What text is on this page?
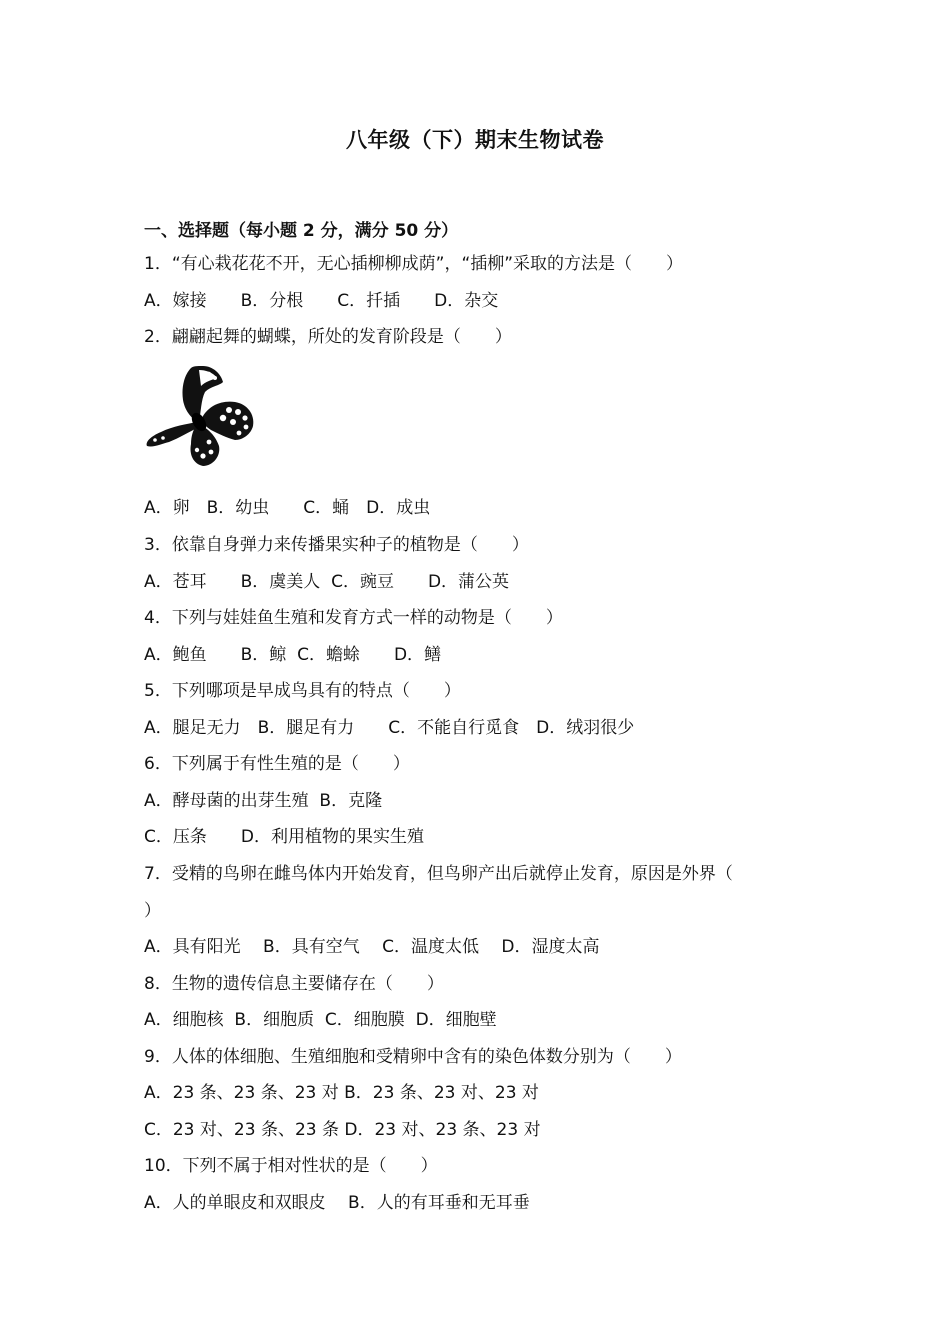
八年级（下）期末生物试卷
一、选择题（每小题 2 分，满分 50 分）
1．“有心栽花花不开，无心插柳柳成荫”，“插柳”采取的方法是（　　）
A．嫁接　　B．分根　　C．扦插　　D．杂交
2．翩翩起舞的蝴蝶，所处的发育阶段是（　　）
A．卵　B．幼虫　　C．蛹　D．成虫
3．依靠自身弹力来传播果实种子的植物是（　　）
A．苍耳　　B．虞美人  C．豌豆　　D．蒲公英
4．下列与娃娃鱼生殖和发育方式一样的动物是（　　）
A．鲍鱼　　B．鲸  C．蟾蜍　　D．鳝
5．下列哪项是早成鸟具有的特点（　　）
A．腿足无力　B．腿足有力　　C．不能自行觅食　D．绒羽很少
6．下列属于有性生殖的是（　　）
A．酵母菌的出芽生殖  B．克隆
C．压条　　D．利用植物的果实生殖
7．受精的鸟卵在雌鸟体内开始发育，但鸟卵产出后就停止发育，原因是外界（
）
A．具有阳光　 B．具有空气　 C．温度太低　 D．湿度太高
8．生物的遗传信息主要储存在（　　）
A．细胞核  B．细胞质  C．细胞膜  D．细胞壁
9．人体的体细胞、生殖细胞和受精卵中含有的染色体数分别为（　　）
A．23 条、23 条、23 对 B．23 条、23 对、23 对
C．23 对、23 条、23 条 D．23 对、23 条、23 对
10．下列不属于相对性状的是（　　）
A．人的单眼皮和双眼皮　 B．人的有耳垂和无耳垂
